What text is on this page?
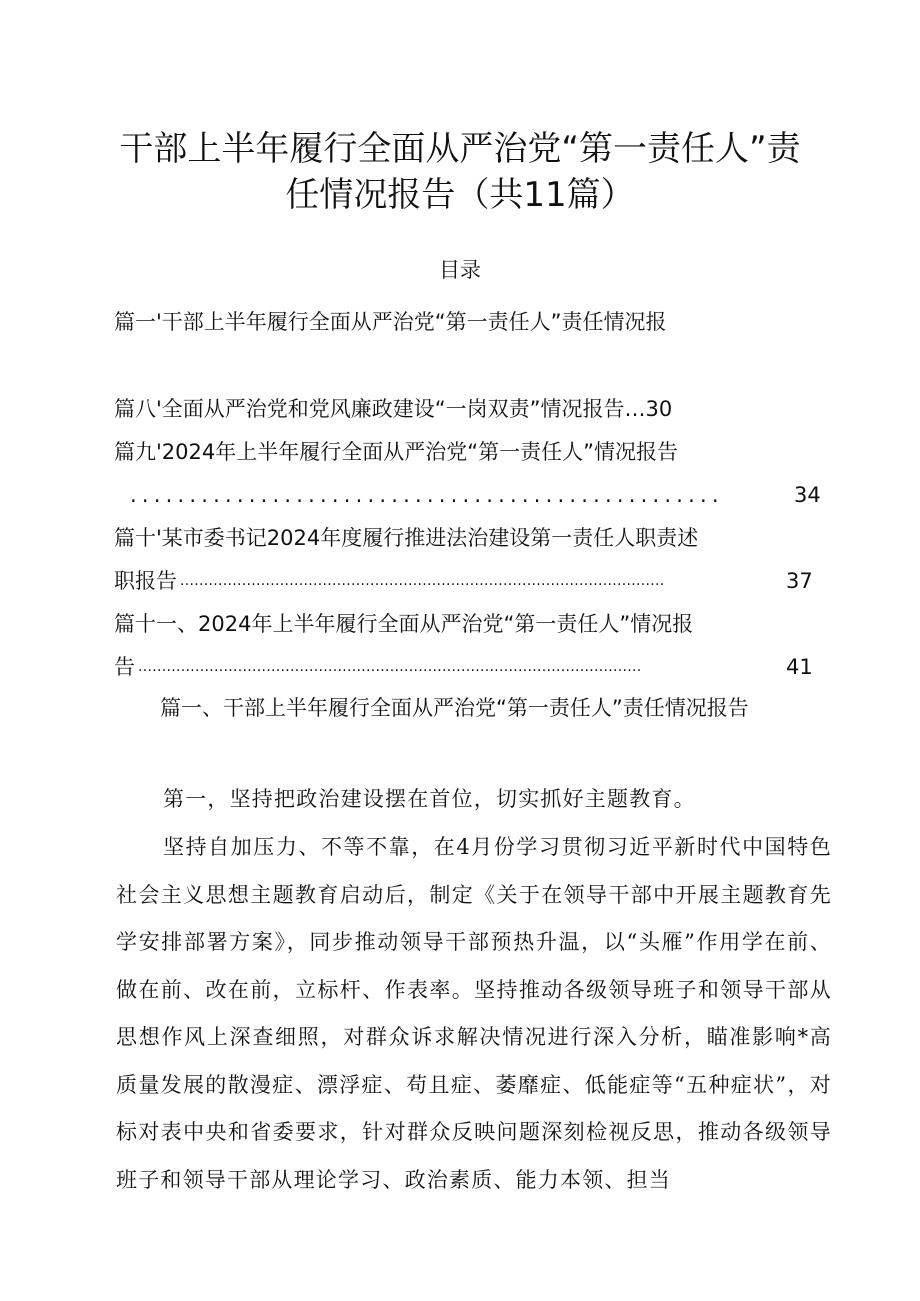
干部上半年履行全面从严治党“第一责任人”责
任情况报告（共11篇）
目录
篇一'干部上半年履行全面从严治党“第一责任人”责任情况报
篇八'全面从严治党和党风廉政建设“一岗双责”情况报告…30
篇九'2024年上半年履行全面从严治党“第一责任人”情况报告
..................................................	34
篇十'某市委书记2024年度履行推进法治建设第一责任人职责述
职报告 ......................................................................................................	37
篇十一、2024年上半年履行全面从严治党“第一责任人”情况报
告 ..........................................................................................................	41
篇一、干部上半年履行全面从严治党“第一责任人”责任情况报告

第一，坚持把政治建设摆在首位，切实抓好主题教育。

坚持自加压力、不等不靠，在4月份学习贯彻习近平新时代中国特色社会主义思想主题教育启动后，制定《关于在领导干部中开展主题教育先学安排部署方案》，同步推动领导干部预热升温，以“头雁”作用学在前、做在前、改在前，立标杆、作表率。坚持推动各级领导班子和领导干部从思想作风上深查细照，对群众诉求解决情况进行深入分析，瞄准影响*高质量发展的散漫症、漂浮症、苟且症、萎靡症、低能症等“五种症状”，对标对表中央和省委要求，针对群众反映问题深刻检视反思，推动各级领导班子和领导干部从理论学习、政治素质、能力本领、担当
